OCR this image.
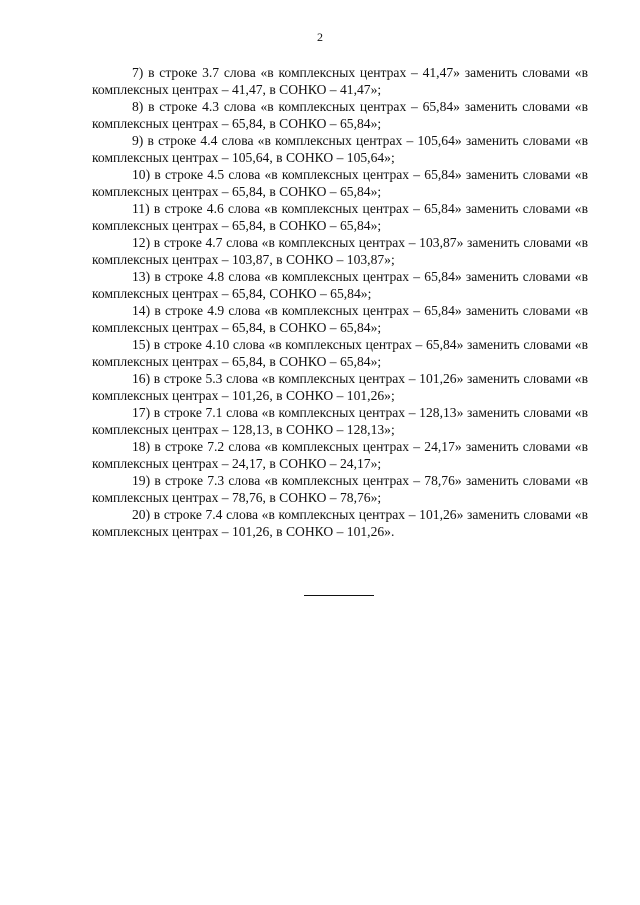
2

7) в строке 3.7 слова «в комплексных центрах – 41,47» заменить словами «в комплексных центрах – 41,47, в СОНКО – 41,47»;

8) в строке 4.3 слова «в комплексных центрах – 65,84» заменить словами «в комплексных центрах – 65,84, в СОНКО – 65,84»;

9) в строке 4.4 слова «в комплексных центрах – 105,64» заменить словами «в комплексных центрах – 105,64, в СОНКО – 105,64»;

10) в строке 4.5 слова «в комплексных центрах – 65,84» заменить словами «в комплексных центрах – 65,84, в СОНКО – 65,84»;

11) в строке 4.6 слова «в комплексных центрах – 65,84» заменить словами «в комплексных центрах – 65,84, в СОНКО – 65,84»;

12) в строке 4.7 слова «в комплексных центрах – 103,87» заменить словами «в комплексных центрах – 103,87, в СОНКО – 103,87»;

13) в строке 4.8 слова «в комплексных центрах – 65,84» заменить словами «в комплексных центрах – 65,84, СОНКО – 65,84»;

14) в строке 4.9 слова «в комплексных центрах – 65,84» заменить словами «в комплексных центрах – 65,84, в СОНКО – 65,84»;

15) в строке 4.10 слова «в комплексных центрах – 65,84» заменить словами «в комплексных центрах – 65,84, в СОНКО – 65,84»;

16) в строке 5.3 слова «в комплексных центрах – 101,26» заменить словами «в комплексных центрах – 101,26, в СОНКО – 101,26»;

17) в строке 7.1 слова «в комплексных центрах – 128,13» заменить словами «в комплексных центрах – 128,13, в СОНКО – 128,13»;

18) в строке 7.2 слова «в комплексных центрах – 24,17» заменить словами «в комплексных центрах – 24,17, в СОНКО – 24,17»;

19) в строке 7.3 слова «в комплексных центрах – 78,76» заменить словами «в комплексных центрах – 78,76, в СОНКО – 78,76»;

20) в строке 7.4 слова «в комплексных центрах – 101,26» заменить словами «в комплексных центрах – 101,26, в СОНКО – 101,26».
